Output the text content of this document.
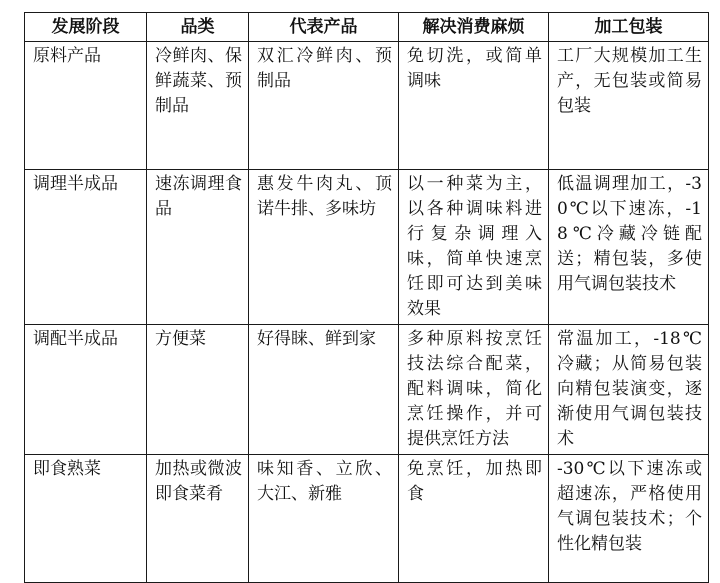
发展阶段	品类	代表产品	解决消费麻烦	加工包装
原料产品	冷鲜肉、保鲜蔬菜、预制品	双汇冷鲜肉、预制品	免切洗，或简单调味	工厂大规模加工生产，无包装或简易包装
调理半成品	速冻调理食品	惠发牛肉丸、顶诺牛排、多味坊	以一种菜为主，以各种调味料进行复杂调理入味，简单快速烹饪即可达到美味效果	低温调理加工，-30℃以下速冻，-18℃冷藏冷链配送；精包装，多使用气调包装技术
调配半成品	方便菜	好得睐、鲜到家	多种原料按烹饪技法综合配菜，配料调味，简化烹饪操作，并可提供烹饪方法	常温加工，-18℃冷藏；从简易包装向精包装演变，逐渐使用气调包装技术
即食熟菜	加热或微波即食菜肴	味知香、立欣、大江、新雅	免烹饪，加热即食	-30℃以下速冻或超速冻，严格使用气调包装技术；个性化精包装
